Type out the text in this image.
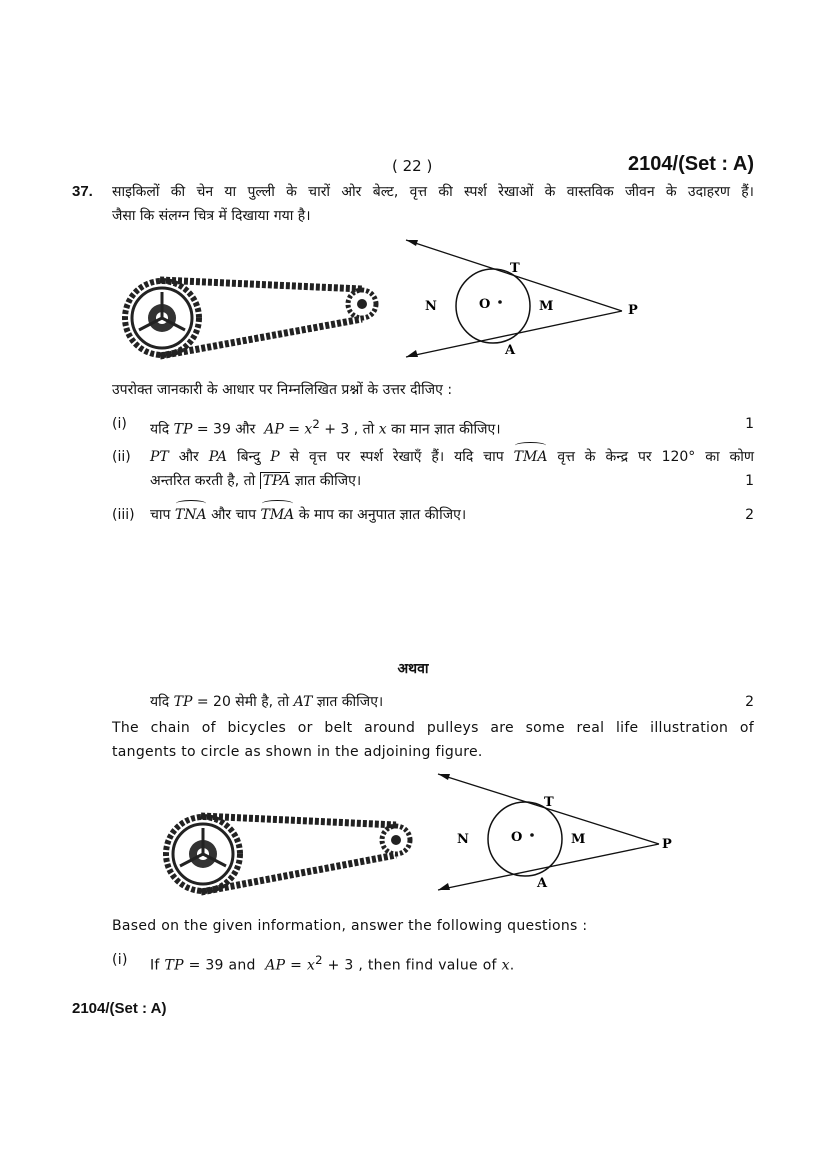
( 22 )	2104/(Set : A)
37. साइकिलों की चेन या पुल्ली के चारों ओर बेल्ट, वृत्त की स्पर्श रेखाओं के वास्तविक जीवन के उदाहरण हैं।
जैसा कि संलग्न चित्र में दिखाया गया है।
T
N	O	M	P
A
उपरोक्त जानकारी के आधार पर निम्नलिखित प्रश्नों के उत्तर दीजिए :
(i) यदि TP = 39 और AP = $x^2 + 3$ , तो x का मान ज्ञात कीजिए।	1
(ii) PT और PA बिन्दु P से वृत्त पर स्पर्श रेखाएँ हैं। यदि चाप TMA वृत्त के केन्द्र पर 120° का कोण
अन्तरित करती है, तो TPA ज्ञात कीजिए।	1
(iii) चाप TNA और चाप TMA के माप का अनुपात ज्ञात कीजिए।	2
अथवा
यदि TP = 20 सेमी है, तो AT ज्ञात कीजिए।	2
The chain of bicycles or belt around pulleys are some real life illustration of
tangents to circle as shown in the adjoining figure.
T
N	O	M	P
A
Based on the given information, answer the following questions :
(i) If TP = 39 and AP = $x^2 + 3$ , then find value of x.
2104/(Set : A)
